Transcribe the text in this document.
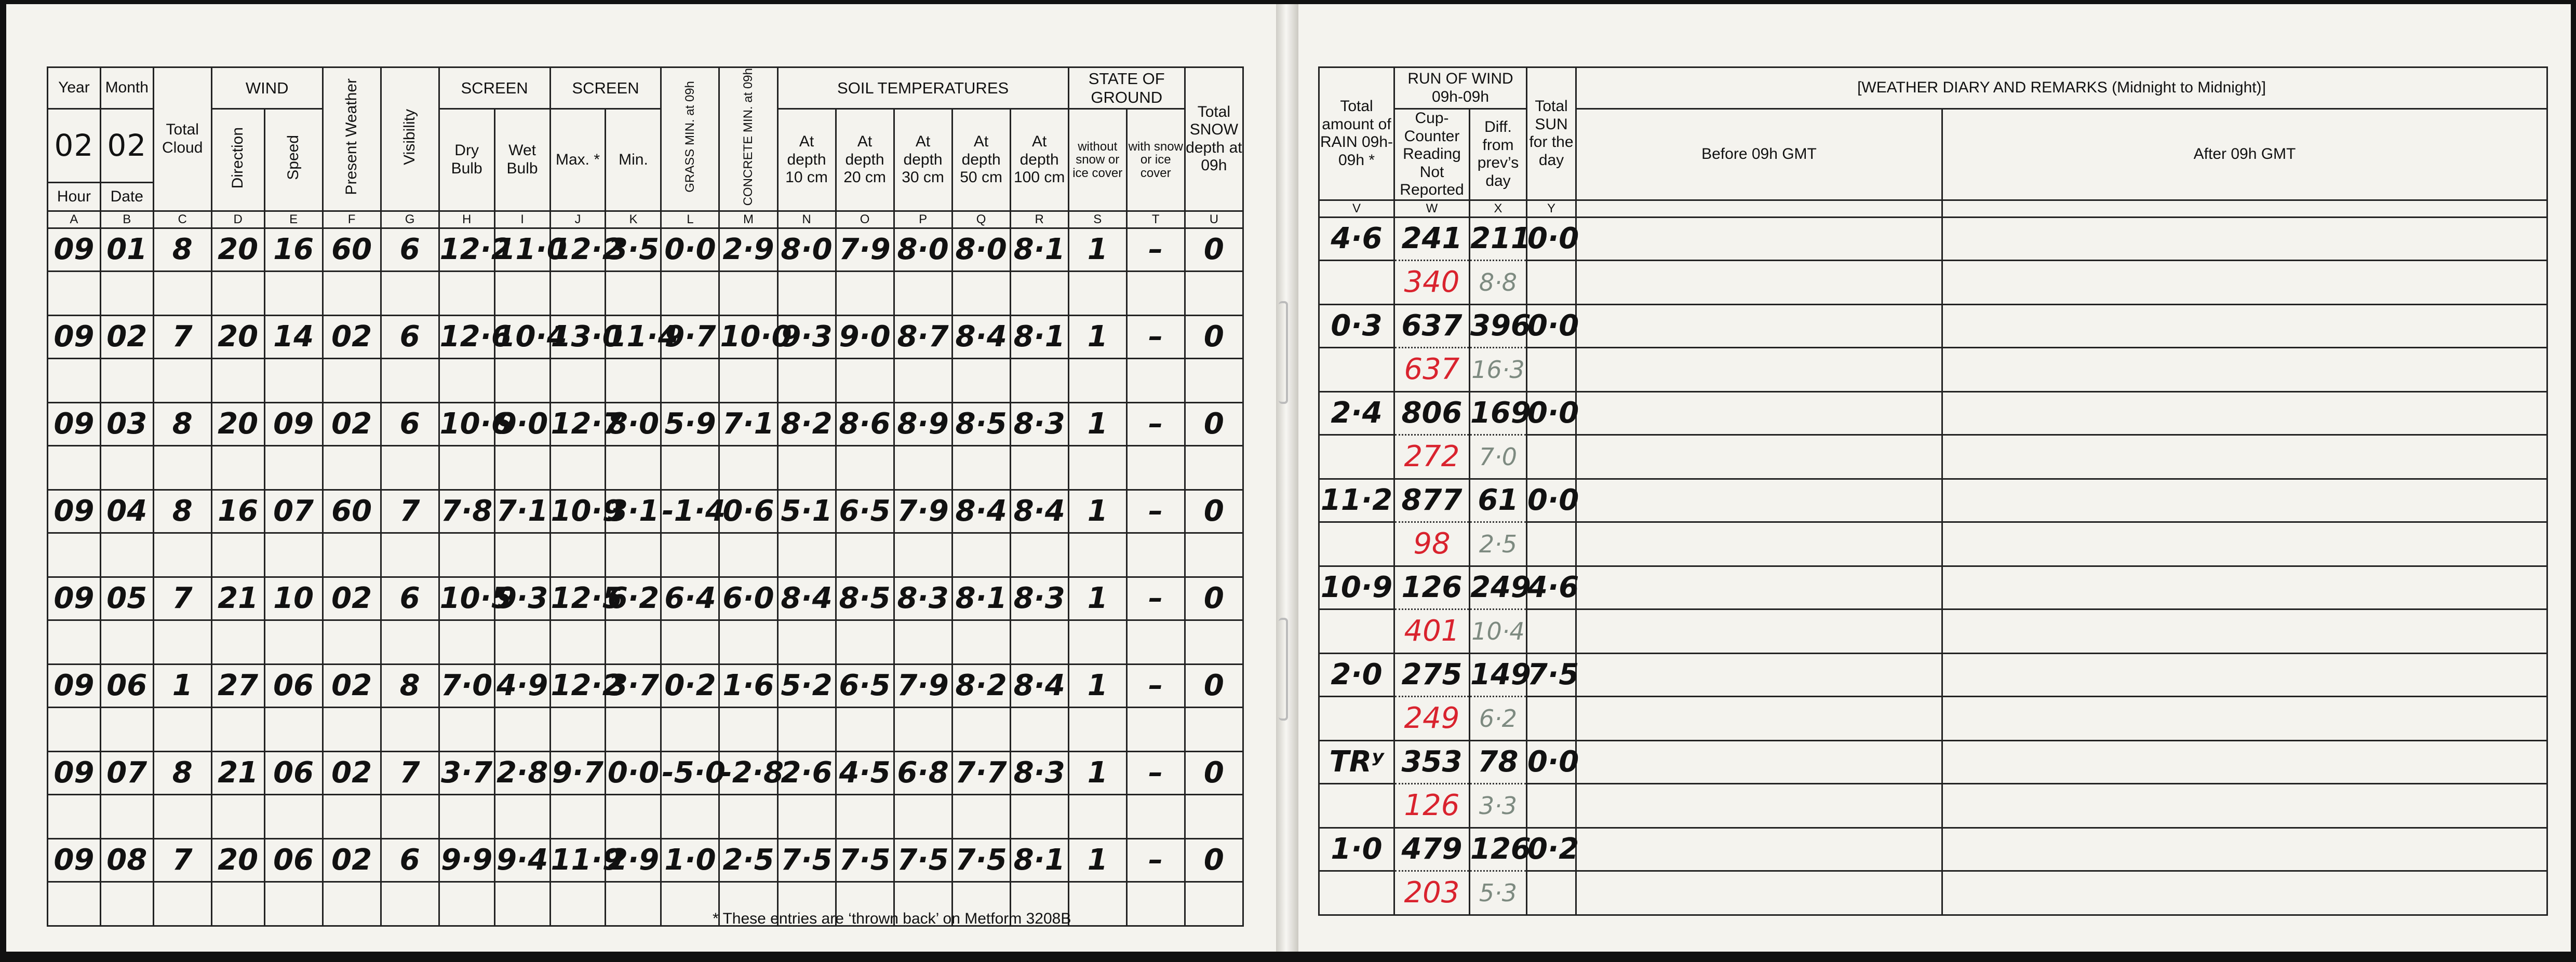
Year	Month	Total Cloud	WIND		Present Weather	Visibility	SCREEN		SCREEN		GRASS MIN. at 09h	CONCRETE MIN. at 09h	SOIL TEMPERATURES					STATE OF GROUND		Total SNOW depth at 09h
02	02		Direction	Speed			Dry Bulb	Wet Bulb	Max. *	Min.			At depth 10 cm	At depth 20 cm	At depth 30 cm	At depth 50 cm	At depth 100 cm	without snow or ice cover	with snow or ice cover	
Hour	Date																			
A	B	C	D	E	F	G	H	I	J	K	L	M	N	O	P	Q	R	S	T	U
09	01	8	20	16	60	6	12·2	11·0	12·2	3·5	0·0	2·9	8·0	7·9	8·0	8·0	8·1	1	–	0

09	02	7	20	14	02	6	12·6	10·4	13·0	11·4	9·7	10·0	9·3	9·0	8·7	8·4	8·1	1	–	0

09	03	8	20	09	02	6	10·6	9·0	12·7	8·0	5·9	7·1	8·2	8·6	8·9	8·5	8·3	1	–	0

09	04	8	16	07	60	7	7·8	7·1	10·9	3·1	-1·4	0·6	5·1	6·5	7·9	8·4	8·4	1	–	0

09	05	7	21	10	02	6	10·5	9·3	12·5	6·2	6·4	6·0	8·4	8·5	8·3	8·1	8·3	1	–	0

09	06	1	27	06	02	8	7·0	4·9	12·2	3·7	0·2	1·6	5·2	6·5	7·9	8·2	8·4	1	–	0

09	07	8	21	06	02	7	3·7	2·8	9·7	0·0	-5·0	-2·8	2·6	4·5	6·8	7·7	8·3	1	–	0

09	08	7	20	06	02	6	9·9	9·4	11·9	2·9	1·0	2·5	7·5	7·5	7·5	7·5	8·1	1	–	0

* These entries are ‘thrown back’ on Metform 3208B
Total amount of RAIN 09h-09h *	RUN OF WIND 09h-09h		Total SUN for the day	[WEATHER DIARY AND REMARKS (Midnight to Midnight)]	
	Cup-Counter Reading Not Reported	Diff. from prev’s day		Before 09h GMT	After 09h GMT

V	W	X	Y		
4·6	241	211	0·0		
	340	8·8			
0·3	637	396	0·0		
	637	16·3			
2·4	806	169	0·0		
	272	7·0			
11·2	877	61	0·0		
	98	2·5			
10·9	126	249	4·6		
	401	10·4			
2·0	275	149	7·5		
	249	6·2			
TRʸ	353	78	0·0		
	126	3·3			
1·0	479	126	0·2		
	203	5·3			
